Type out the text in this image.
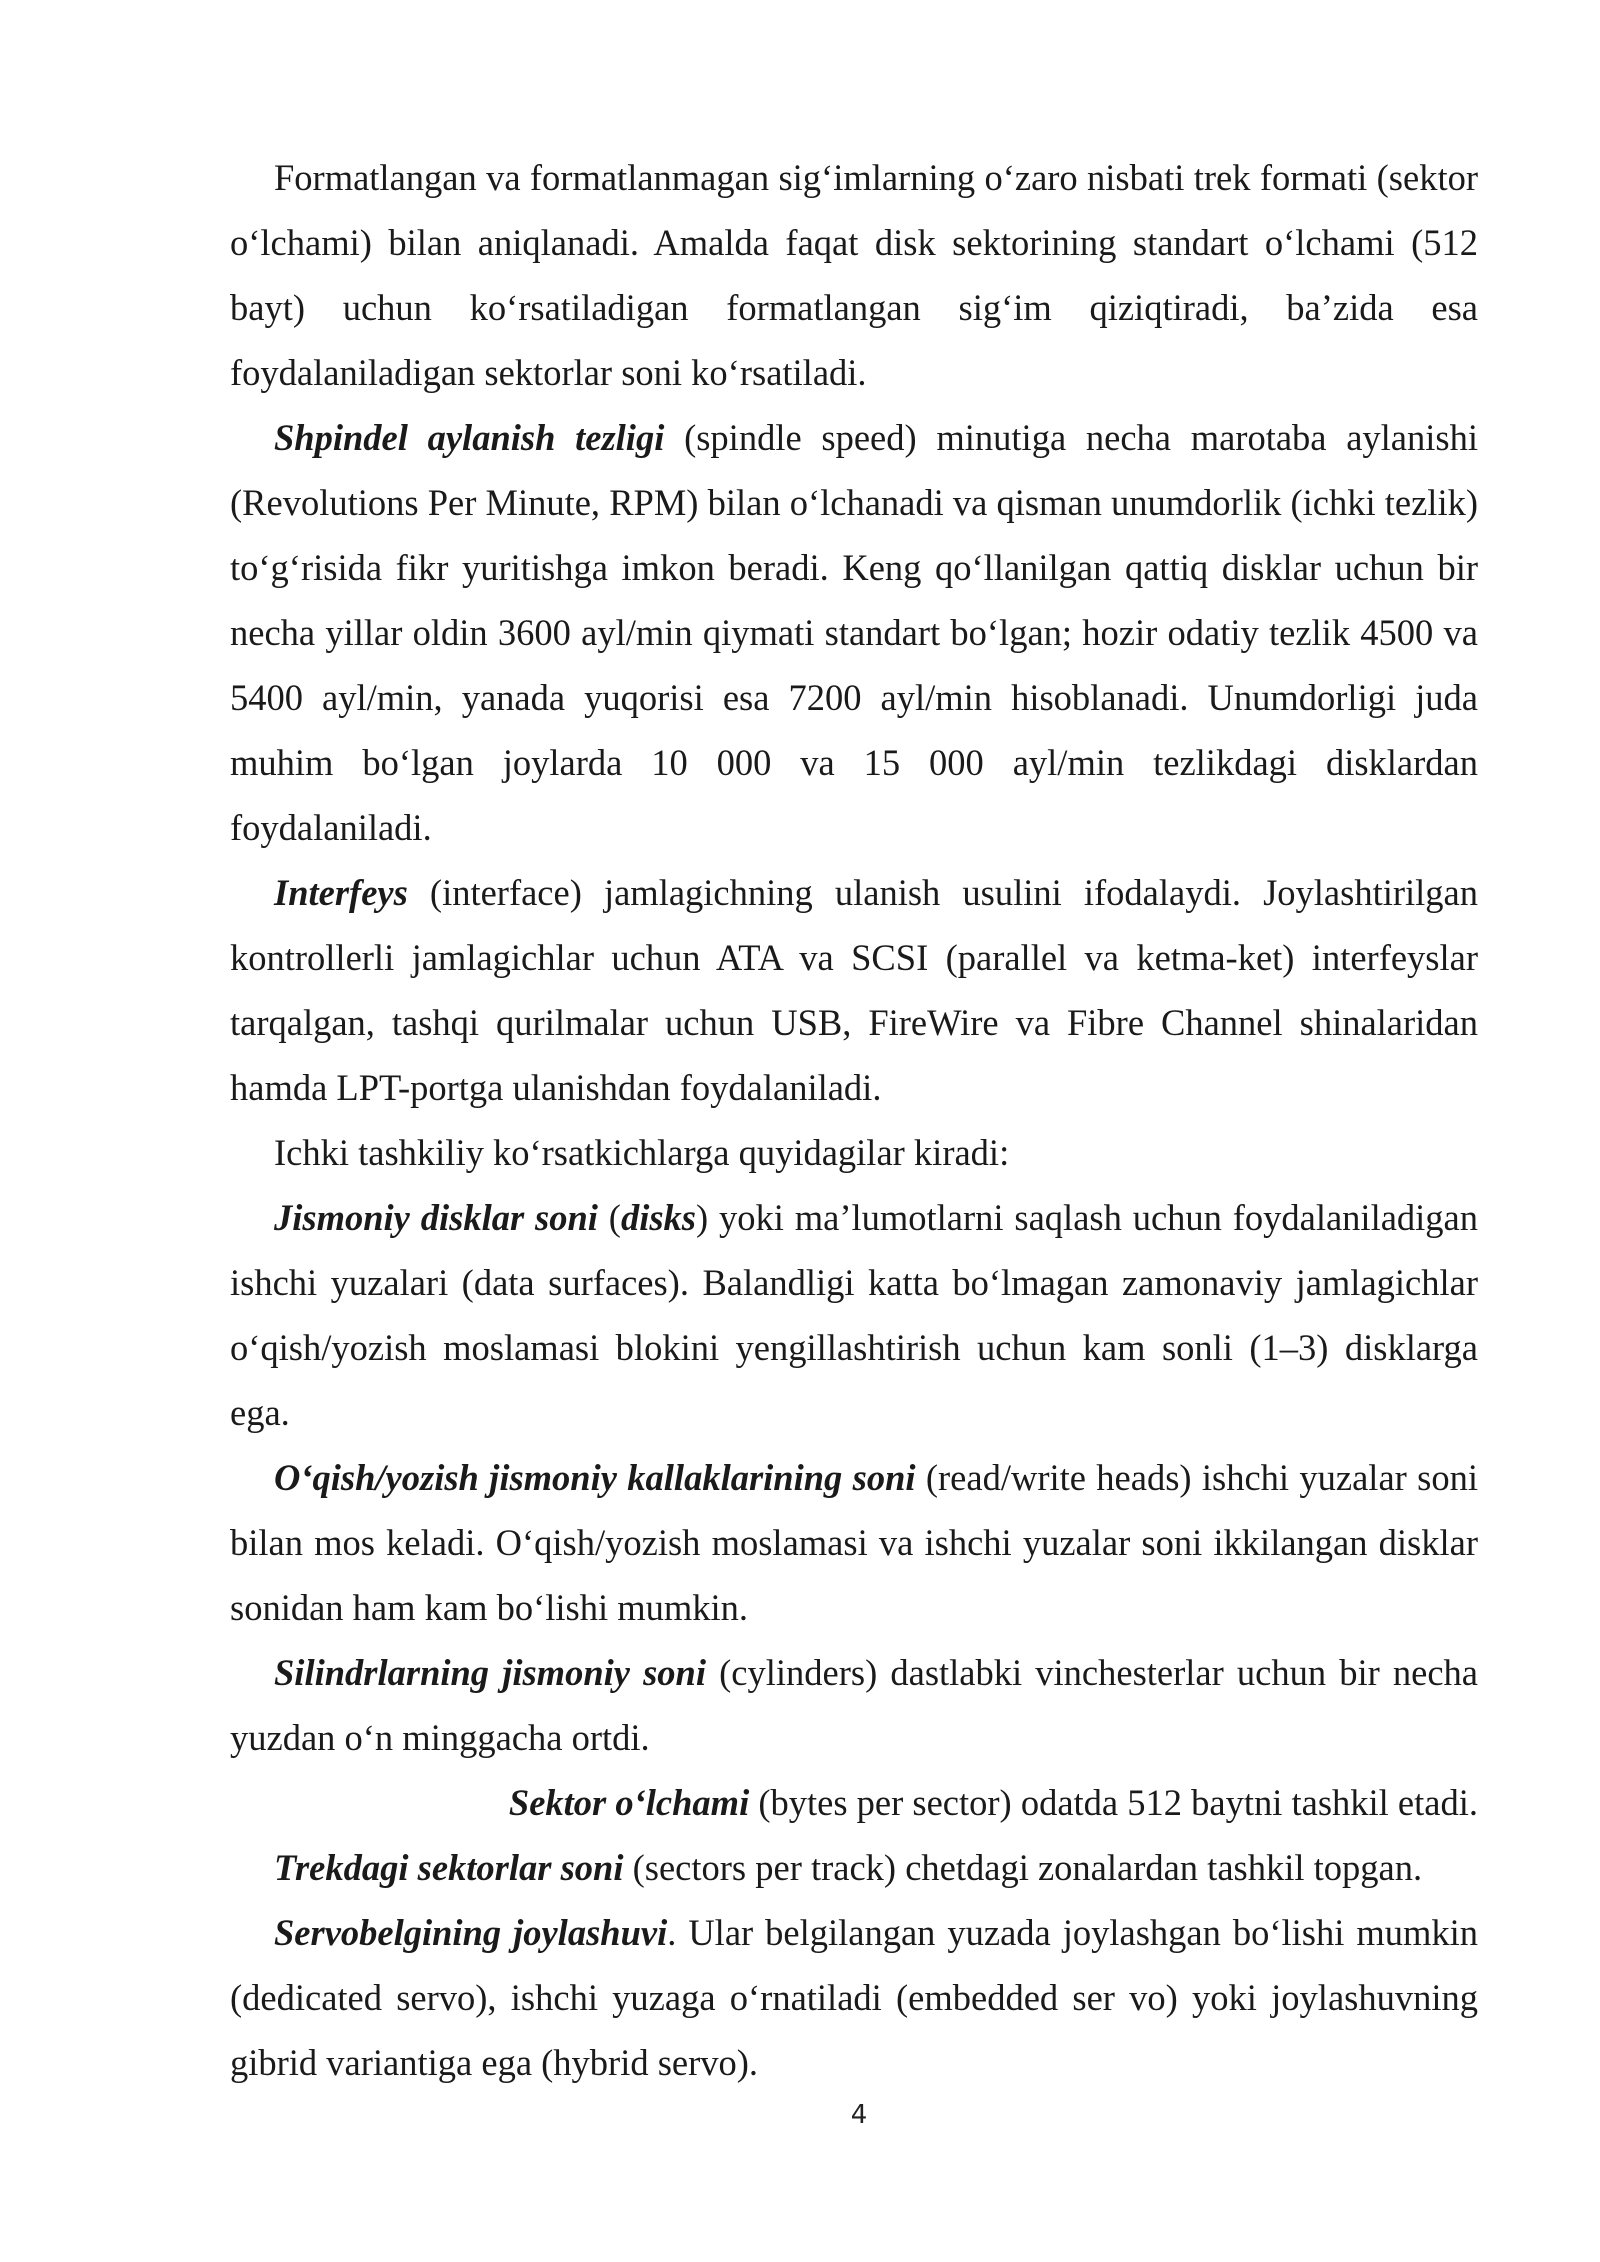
Formatlangan va formatlanmagan sig‘imlarning o‘zaro nisbati trek formati (sektor o‘lchami) bilan aniqlanadi. Amalda faqat disk sektorining standart o‘lchami (512 bayt) uchun ko‘rsatiladigan formatlangan sig‘im qiziqtiradi, ba’zida esa foydalaniladigan sektorlar soni ko‘rsatiladi.

Shpindel aylanish tezligi (spindle speed) minutiga necha marotaba aylanishi (Revolutions Per Minute, RPM) bilan o‘lchanadi va qisman unumdorlik (ichki tezlik) to‘g‘risida fikr yuritishga imkon beradi. Keng qo‘llanilgan qattiq disklar uchun bir necha yillar oldin 3600 ayl/min qiymati standart bo‘lgan; hozir odatiy tezlik 4500 va 5400 ayl/min, yanada yuqorisi esa 7200 ayl/min hisoblanadi. Unumdorligi juda muhim bo‘lgan joylarda 10 000 va 15 000 ayl/min tezlikdagi disklardan foydalaniladi.

Interfeys (interface) jamlagichning ulanish usulini ifodalaydi. Joylashtirilgan kontrollerli jamlagichlar uchun ATA va SCSI (parallel va ketma-ket) interfeyslar tarqalgan, tashqi qurilmalar uchun USB, FireWire va Fibre Channel shinalaridan hamda LPT-portga ulanishdan foydalaniladi.

Ichki tashkiliy ko‘rsatkichlarga quyidagilar kiradi:

Jismoniy disklar soni (disks) yoki ma’lumotlarni saqlash uchun foydalaniladigan ishchi yuzalari (data surfaces). Balandligi katta bo‘lmagan zamonaviy jamlagichlar o‘qish/yozish moslamasi blokini yengillashtirish uchun kam sonli (1–3) disklarga ega.

O‘qish/yozish jismoniy kallaklarining soni (read/write heads) ishchi yuzalar soni bilan mos keladi. O‘qish/yozish moslamasi va ishchi yuzalar soni ikkilangan disklar sonidan ham kam bo‘lishi mumkin.

Silindrlarning jismoniy soni (cylinders) dastlabki vinchesterlar uchun bir necha yuzdan o‘n minggacha ortdi.

Sektor o‘lchami (bytes per sector) odatda 512 baytni tashkil etadi.

Trekdagi sektorlar soni (sectors per track) chetdagi zonalardan tashkil topgan.

Servobelgining joylashuvi. Ular belgilangan yuzada joylashgan bo‘lishi mumkin (dedicated servo), ishchi yuzaga o‘rnatiladi (embedded ser vo) yoki joylashuvning gibrid variantiga ega (hybrid servo).

4
